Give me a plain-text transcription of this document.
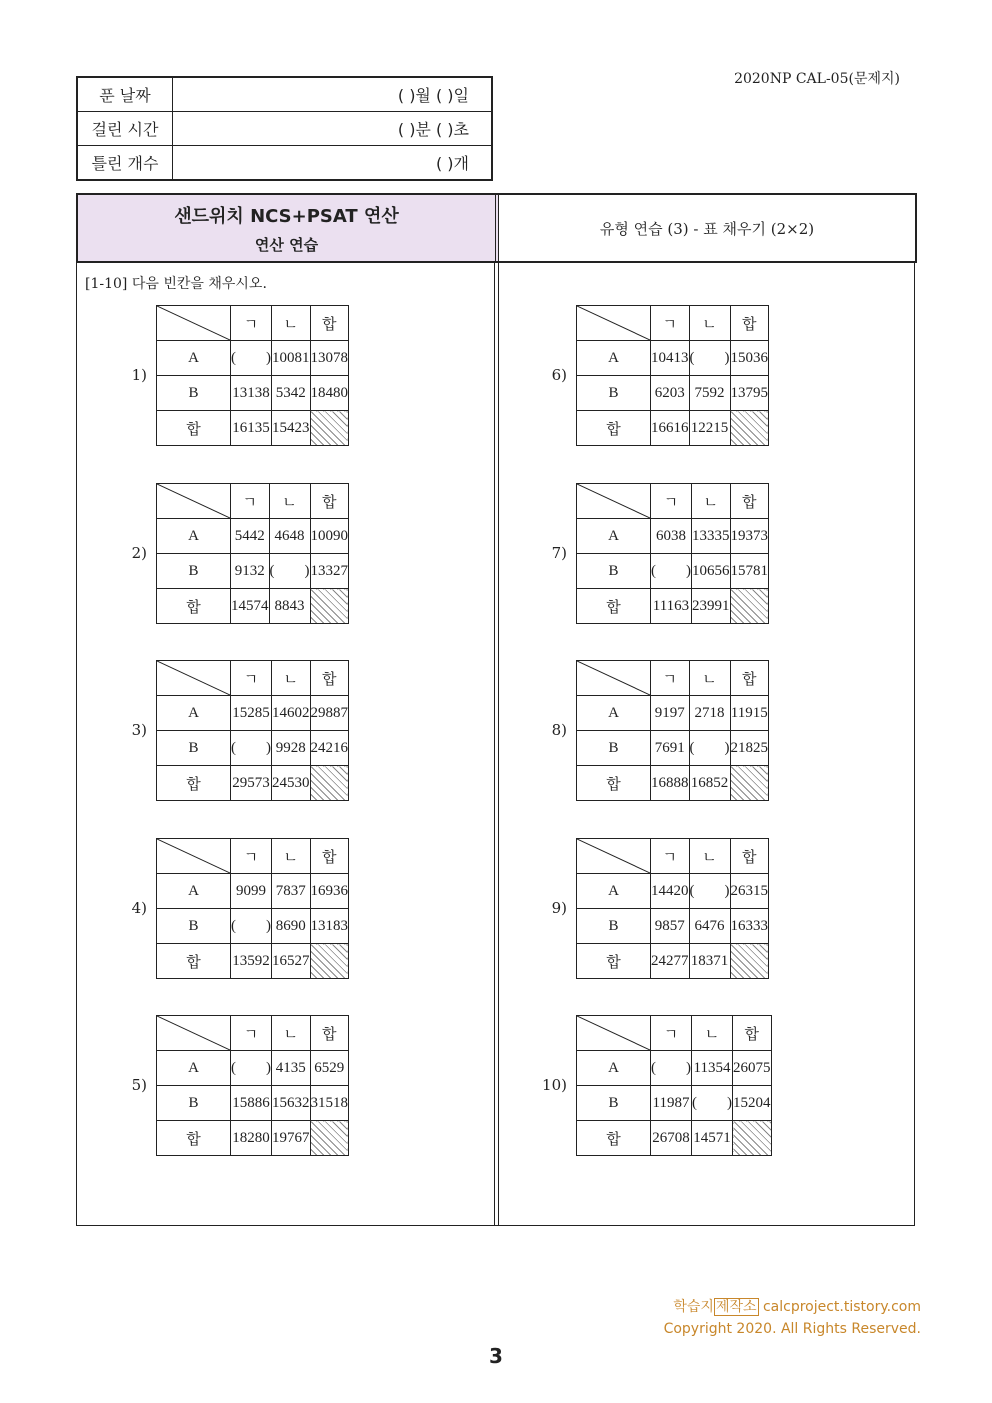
2020NP CAL-05(문제지)
푼 날짜	( )월 ( )일
걸린 시간	( )분 ( )초
틀린 개수	( )개
샌드위치 NCS+PSAT 연산
연산 연습
유형 연습 (3) - 표 채우기 (2×2)
[1-10] 다음 빈칸을 채우시오.
1)
	ㄱ	ㄴ	합
A	(        )	10081	13078
B	13138	5342	18480
합	16135	15423	
2)
	ㄱ	ㄴ	합
A	5442	4648	10090
B	9132	(        )	13327
합	14574	8843	
3)
	ㄱ	ㄴ	합
A	15285	14602	29887
B	(        )	9928	24216
합	29573	24530	
4)
	ㄱ	ㄴ	합
A	9099	7837	16936
B	(        )	8690	13183
합	13592	16527	
5)
	ㄱ	ㄴ	합
A	(        )	4135	6529
B	15886	15632	31518
합	18280	19767	
6)
	ㄱ	ㄴ	합
A	10413	(        )	15036
B	6203	7592	13795
합	16616	12215	
7)
	ㄱ	ㄴ	합
A	6038	13335	19373
B	(        )	10656	15781
합	11163	23991	
8)
	ㄱ	ㄴ	합
A	9197	2718	11915
B	7691	(        )	21825
합	16888	16852	
9)
	ㄱ	ㄴ	합
A	14420	(        )	26315
B	9857	6476	16333
합	24277	18371	
10)
	ㄱ	ㄴ	합
A	(        )	11354	26075
B	11987	(        )	15204
합	26708	14571	
학습지 제작소 calcproject.tistory.com
Copyright 2020. All Rights Reserved.
3
